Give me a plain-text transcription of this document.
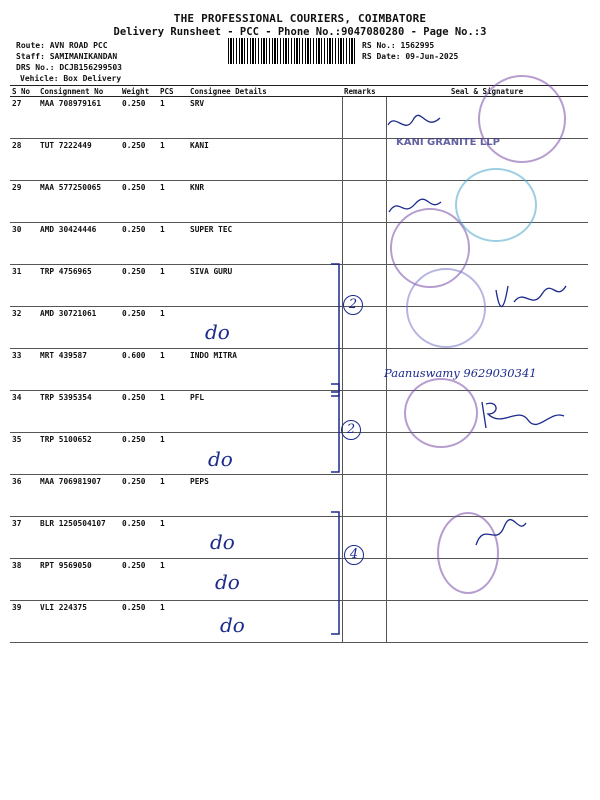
THE PROFESSIONAL COURIERS, COIMBATORE
Delivery Runsheet - PCC - Phone No.:9047080280 - Page No.:3
Route: AVN ROAD PCC
Staff: SAMIMANIKANDAN
DRS No.: DCJB156299503
Vehicle: Box Delivery
RS No.: 1562995
RS Date: 09-Jun-2025
S No	Consignment No	Weight	PCS	Consignee Details	Remarks	Seal & Signature
27	MAA 708979161	0.250	1	SRV		
28	TUT 7222449	0.250	1	KANI		
29	MAA 577250065	0.250	1	KNR		
30	AMD 30424446	0.250	1	SUPER TEC		
31	TRP 4756965	0.250	1	SIVA GURU		
32	AMD 30721061	0.250	1			
33	MRT 439587	0.600	1	INDO MITRA		
34	TRP 5395354	0.250	1	PFL		
35	TRP 5100652	0.250	1			
36	MAA 706981907	0.250	1	PEPS		
37	BLR 1250504107	0.250	1			
38	RPT 9569050	0.250	1			
39	VLI 224375	0.250	1			
do
do
do
do
do
2
2
4
KANI GRANITE LLP
Paanuswamy 9629030341
